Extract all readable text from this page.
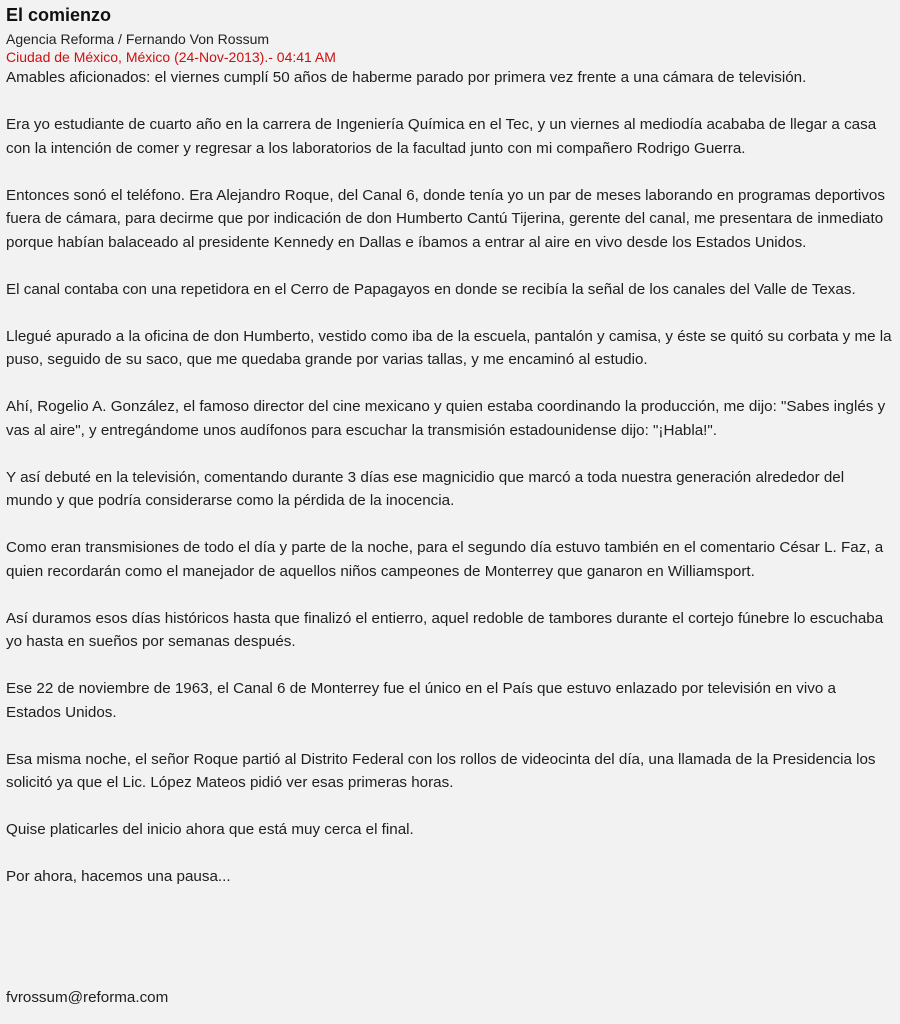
El comienzo
Agencia Reforma / Fernando Von Rossum
Ciudad de México, México (24-Nov-2013).- 04:41 AM

Amables aficionados: el viernes cumplí 50 años de haberme parado por primera vez frente a una cámara de televisión.

Era yo estudiante de cuarto año en la carrera de Ingeniería Química en el Tec, y un viernes al mediodía acababa de llegar a casa con la intención de comer y regresar a los laboratorios de la facultad junto con mi compañero Rodrigo Guerra.

Entonces sonó el teléfono. Era Alejandro Roque, del Canal 6, donde tenía yo un par de meses laborando en programas deportivos fuera de cámara, para decirme que por indicación de don Humberto Cantú Tijerina, gerente del canal, me presentara de inmediato porque habían balaceado al presidente Kennedy en Dallas e íbamos a entrar al aire en vivo desde los Estados Unidos.

El canal contaba con una repetidora en el Cerro de Papagayos en donde se recibía la señal de los canales del Valle de Texas.

Llegué apurado a la oficina de don Humberto, vestido como iba de la escuela, pantalón y camisa, y éste se quitó su corbata y me la puso, seguido de su saco, que me quedaba grande por varias tallas, y me encaminó al estudio.

Ahí, Rogelio A. González, el famoso director del cine mexicano y quien estaba coordinando la producción, me dijo: "Sabes inglés y vas al aire", y entregándome unos audífonos para escuchar la transmisión estadounidense dijo: "¡Habla!".

Y así debuté en la televisión, comentando durante 3 días ese magnicidio que marcó a toda nuestra generación alrededor del mundo y que podría considerarse como la pérdida de la inocencia.

Como eran transmisiones de todo el día y parte de la noche, para el segundo día estuvo también en el comentario César L. Faz, a quien recordarán como el manejador de aquellos niños campeones de Monterrey que ganaron en Williamsport.

Así duramos esos días históricos hasta que finalizó el entierro, aquel redoble de tambores durante el cortejo fúnebre lo escuchaba yo hasta en sueños por semanas después.

Ese 22 de noviembre de 1963, el Canal 6 de Monterrey fue el único en el País que estuvo enlazado por televisión en vivo a Estados Unidos.

Esa misma noche, el señor Roque partió al Distrito Federal con los rollos de videocinta del día, una llamada de la Presidencia los solicitó ya que el Lic. López Mateos pidió ver esas primeras horas.

Quise platicarles del inicio ahora que está muy cerca el final.

Por ahora, hacemos una pausa...

fvrossum@reforma.com
